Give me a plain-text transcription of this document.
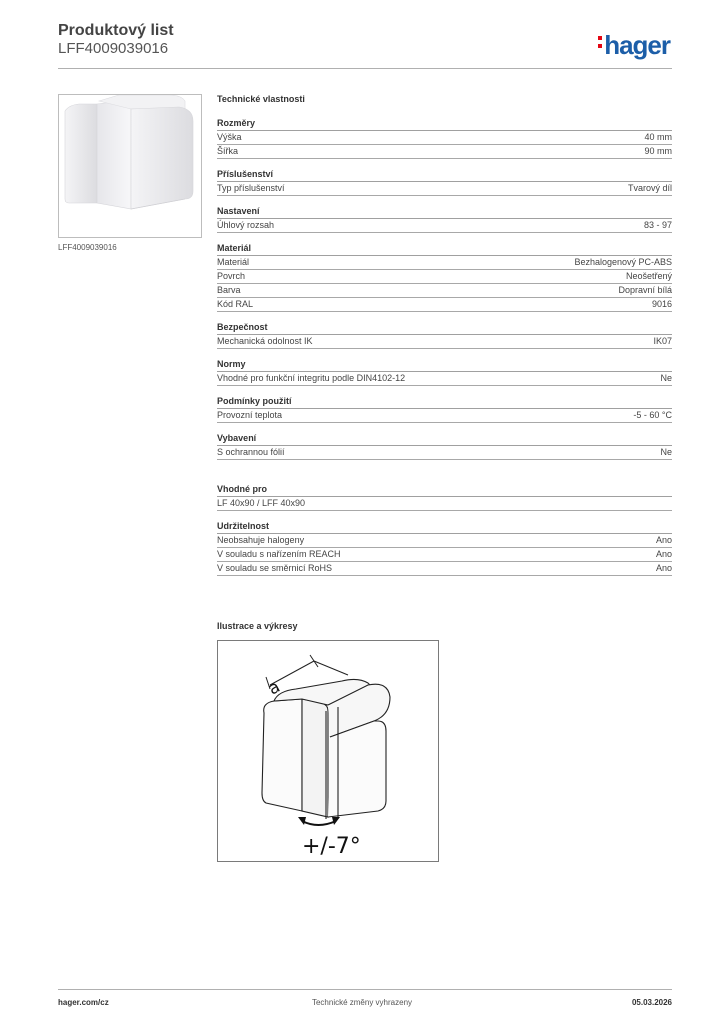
Produktový list
LFF4009039016	hager
LFF4009039016
Technické vlastnosti
Rozměry
Výška	40 mm
Šířka	90 mm
Příslušenství
Typ příslušenství	Tvarový díl
Nastavení
Úhlový rozsah	83 - 97
Materiál
Materiál	Bezhalogenový PC-ABS
Povrch	Neošetřený
Barva	Dopravní bílá
Kód RAL	9016
Bezpečnost
Mechanická odolnost IK	IK07
Normy
Vhodné pro funkční integritu podle DIN4102-12	Ne
Podmínky použití
Provozní teplota	-5 - 60 °C
Vybavení
S ochrannou fólií	Ne
Vhodné pro
LF 40x90 / LFF 40x90
Udržitelnost
Neobsahuje halogeny	Ano
V souladu s nařízením REACH	Ano
V souladu se směrnicí RoHS	Ano
Ilustrace a výkresy
a
+/-7°
hager.com/cz	Technické změny vyhrazeny	05.03.2026
